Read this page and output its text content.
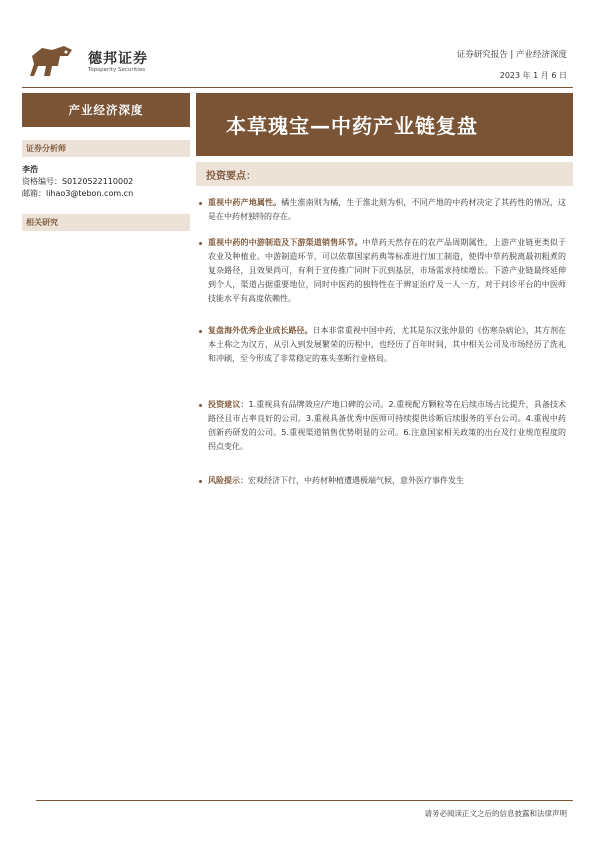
德邦证券
Topsperity Securities
证券研究报告 | 产业经济深度
2023 年 1 月 6 日
产业经济深度
本草瑰宝—中药产业链复盘
证券分析师
李浩
资格编号：S0120522110002
邮箱：lihao3@tebon.com.cn
相关研究
投资要点：
重视中药产地属性。橘生淮南则为橘，生于淮北则为枳，不同产地的中药材决定了其药性的情况，这是在中药材独特的存在。
重视中药的中游制造及下游渠道销售环节。中草药天然存在的农产品周期属性，上游产业链更类似于农业及种植业。中游制造环节，可以依靠国家药典等标准进行加工制造，使得中草药脱离最初粗煮的复杂路径，且效果尚可，有利于宣传推广同时下沉到基层，市场需求持续增长。下游产业链最终延伸到个人，渠道占据重要地位，同时中医药的独特性在于辨证治疗及一人一方，对于问诊平台的中医师技能水平有高度依赖性。
复盘海外优秀企业成长路径。日本非常重视中国中药，尤其是东汉张仲景的《伤寒杂病论》，其方剂在本土称之为汉方，从引入到发展繁荣的历程中，也经历了百年时间，其中相关公司及市场经历了洗礼和冲刷，至今形成了非常稳定的寡头垄断行业格局。
投资建议：1.重视具有品牌效应/产地口碑的公司。2.重视配方颗粒等在后续市场占比提升，具备技术路径且市占率良好的公司。3.重视具备优秀中医师可持续提供诊断后续服务的平台公司。4.重视中药创新药研发的公司。5.重视渠道销售优势明显的公司。6.注意国家相关政策的出台及行业规范程度的拐点变化。
风险提示：宏观经济下行，中药材种植遭遇极端气候，意外医疗事件发生
请务必阅读正文之后的信息披露和法律声明
